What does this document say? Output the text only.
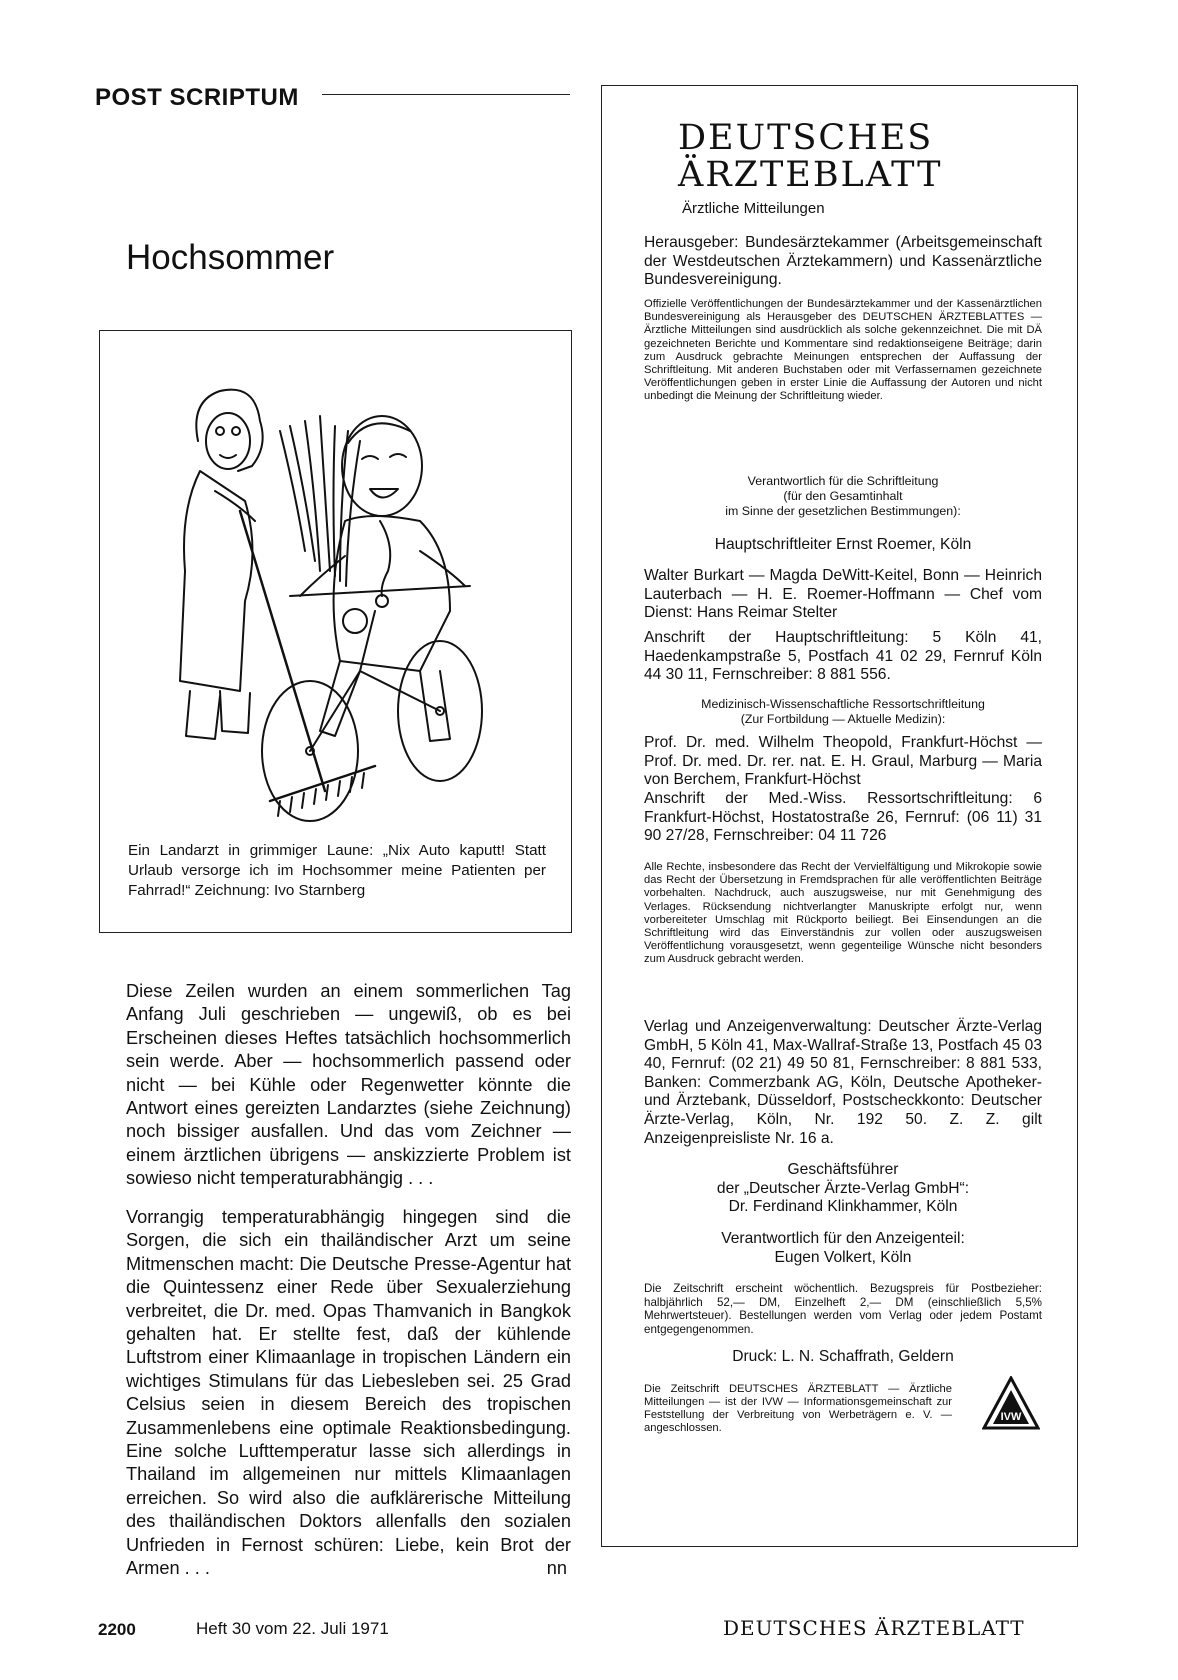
POST SCRIPTUM
Hochsommer
Ein Landarzt in grimmiger Laune: „Nix Auto kaputt! Statt Urlaub versorge ich im Hochsommer meine Patienten per Fahrrad!“ Zeichnung: Ivo Starnberg

Diese Zeilen wurden an einem sommerlichen Tag Anfang Juli geschrieben — ungewiß, ob es bei Erscheinen dieses Heftes tatsächlich hochsommerlich sein werde. Aber — hochsommerlich passend oder nicht — bei Kühle oder Regenwetter könnte die Antwort eines gereizten Landarztes (siehe Zeichnung) noch bissiger ausfallen. Und das vom Zeichner — einem ärztlichen übrigens — anskizzierte Problem ist sowieso nicht temperaturabhängig . . .

Vorrangig temperaturabhängig hingegen sind die Sorgen, die sich ein thailändischer Arzt um seine Mitmenschen macht: Die Deutsche Presse-Agentur hat die Quintessenz einer Rede über Sexualerziehung verbreitet, die Dr. med. Opas Thamvanich in Bangkok gehalten hat. Er stellte fest, daß der kühlende Luftstrom einer Klimaanlage in tropischen Ländern ein wichtiges Stimulans für das Liebesleben sei. 25 Grad Celsius seien in diesem Bereich des tropischen Zusammenlebens eine optimale Reaktionsbedingung. Eine solche Lufttemperatur lasse sich allerdings in Thailand im allgemeinen nur mittels Klimaanlagen erreichen. So wird also die aufklärerische Mitteilung des thailändischen Doktors allenfalls den sozialen Unfrieden in Fernost schüren: Liebe, kein Brot der Armen . . .	nn

DEUTSCHES
ÄRZTEBLATT
Ärztliche Mitteilungen
Herausgeber: Bundesärztekammer (Arbeitsgemeinschaft der Westdeutschen Ärztekammern) und Kassenärztliche Bundesvereinigung.
Offizielle Veröffentlichungen der Bundesärztekammer und der Kassenärztlichen Bundesvereinigung als Herausgeber des DEUTSCHEN ÄRZTEBLATTES — Ärztliche Mitteilungen sind ausdrücklich als solche gekennzeichnet. Die mit DÄ gezeichneten Berichte und Kommentare sind redaktionseigene Beiträge; darin zum Ausdruck gebrachte Meinungen entsprechen der Auffassung der Schriftleitung. Mit anderen Buchstaben oder mit Verfassernamen gezeichnete Veröffentlichungen geben in erster Linie die Auffassung der Autoren und nicht unbedingt die Meinung der Schriftleitung wieder.
Verantwortlich für die Schriftleitung
(für den Gesamtinhalt
im Sinne der gesetzlichen Bestimmungen):
Hauptschriftleiter Ernst Roemer, Köln
Walter Burkart — Magda DeWitt-Keitel, Bonn — Heinrich Lauterbach — H. E. Roemer-Hoffmann — Chef vom Dienst: Hans Reimar Stelter
Anschrift der Hauptschriftleitung: 5 Köln 41, Haedenkampstraße 5, Postfach 41 02 29, Fernruf Köln 44 30 11, Fernschreiber: 8 881 556.
Medizinisch-Wissenschaftliche Ressortschriftleitung
(Zur Fortbildung — Aktuelle Medizin):
Prof. Dr. med. Wilhelm Theopold, Frankfurt-Höchst — Prof. Dr. med. Dr. rer. nat. E. H. Graul, Marburg — Maria von Berchem, Frankfurt-Höchst
Anschrift der Med.-Wiss. Ressortschriftleitung: 6 Frankfurt-Höchst, Hostatostraße 26, Fernruf: (06 11) 31 90 27/28, Fernschreiber: 04 11 726
Alle Rechte, insbesondere das Recht der Vervielfältigung und Mikrokopie sowie das Recht der Übersetzung in Fremdsprachen für alle veröffentlichten Beiträge vorbehalten. Nachdruck, auch auszugsweise, nur mit Genehmigung des Verlages. Rücksendung nichtverlangter Manuskripte erfolgt nur, wenn vorbereiteter Umschlag mit Rückporto beiliegt. Bei Einsendungen an die Schriftleitung wird das Einverständnis zur vollen oder auszugsweisen Veröffentlichung vorausgesetzt, wenn gegenteilige Wünsche nicht besonders zum Ausdruck gebracht werden.
Verlag und Anzeigenverwaltung: Deutscher Ärzte-Verlag GmbH, 5 Köln 41, Max-Wallraf-Straße 13, Postfach 45 03 40, Fernruf: (02 21) 49 50 81, Fernschreiber: 8 881 533, Banken: Commerzbank AG, Köln, Deutsche Apotheker- und Ärztebank, Düsseldorf, Postscheckkonto: Deutscher Ärzte-Verlag, Köln, Nr. 192 50. Z. Z. gilt Anzeigenpreisliste Nr. 16 a.
Geschäftsführer
der „Deutscher Ärzte-Verlag GmbH“:
Dr. Ferdinand Klinkhammer, Köln
Verantwortlich für den Anzeigenteil:
Eugen Volkert, Köln
Die Zeitschrift erscheint wöchentlich. Bezugspreis für Postbezieher: halbjährlich 52,— DM, Einzelheft 2,— DM (einschließlich 5,5% Mehrwertsteuer). Bestellungen werden vom Verlag oder jedem Postamt entgegengenommen.
Druck: L. N. Schaffrath, Geldern
Die Zeitschrift DEUTSCHES ÄRZTEBLATT — Ärztliche Mitteilungen — ist der IVW — Informationsgemeinschaft zur Feststellung der Verbreitung von Werbeträgern e. V. — angeschlossen.
IVW
2200	Heft 30 vom 22. Juli 1971	DEUTSCHES ÄRZTEBLATT
